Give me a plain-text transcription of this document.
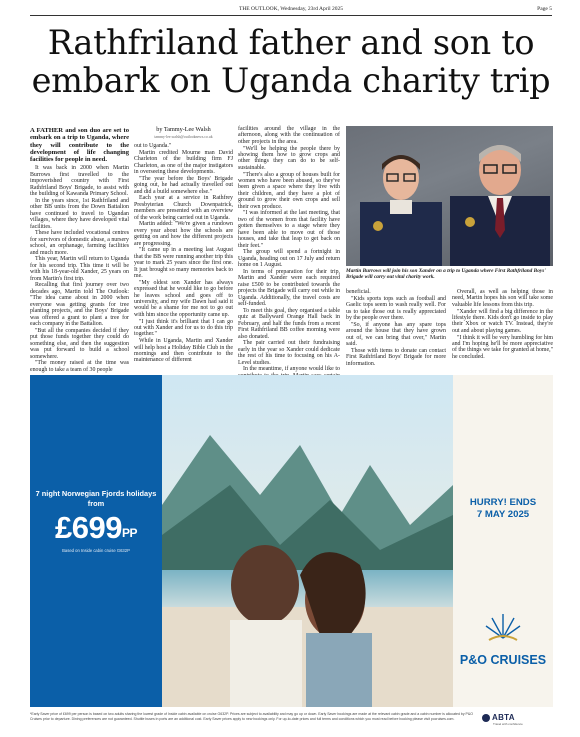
THE OUTLOOK, Wednesday, 23rd April 2025	Page 5
Rathfriland father and son to embark on Uganda charity trip

A FATHER and son duo are set to embark on a trip to Uganda, where they will contribute to the development of life changing facilities for people in need.

It was back in 2000 when Martin Burrows first travelled to the impoverished country with First Rathfriland Boys' Brigade, to assist with the building of Kawanda Primary School.

In the years since, 1st Rathfriland and other BB units from the Down Battalion have continued to travel to Ugandan villages, where they have developed vital facilities.

These have included vocational centres for survivors of domestic abuse, a nursery school, an orphanage, farming facilities and much more.

This year, Martin will return to Uganda for his second trip. This time it will be with his 18-year-old Xander, 25 years on from Martin's first trip.

Recalling that first journey over two decades ago, Martin told The Outlook: "The idea came about in 2000 when everyone was getting grants for tree planting projects, and the Boys' Brigade was offered a grant to plant a tree for each company in the Battalion.

"But all the companies decided if they put those funds together they could do something else, and then the suggestion was put forward to build a school somewhere.

"The money raised at the time was enough to take a team of 30 people

by Tammy-Lee Walsh
tammy-lee.walsh@outlooknews.co.uk

out to Uganda."

Martin credited Mourne man David Charleton of the building firm FJ Charleton, as one of the major instigators in overseeing these developments.

"The year before the Boys' Brigade going out, he had actually travelled out and did a build somewhere else."

Each year at a service in Rathfrey Presbyterian Church Downpatrick, members are presented with an overview of the work being carried out in Uganda.

Martin added: "We're given a rundown every year about how the schools are getting on and how the different projects are progressing.

"It came up in a meeting last August that the BB were running another trip this year to mark 25 years since the first one. It just brought so many memories back to me.

"My oldest son Xander has always expressed that he would like to go before he leaves school and goes off to university, and my wife Dawn had said it would be a shame for me not to go out with him since the opportunity came up.

"I just think it's brilliant that I can go out with Xander and for us to do this trip together."

While in Uganda, Martin and Xander will help host a Holiday Bible Club in the mornings and then contribute to the maintenance of different

facilities around the village in the afternoon, along with the continuation of other projects in the area.

"We'll be helping the people there by showing them how to grow crops and other things they can do to be self-sustainable.

"There's also a group of houses built for women who have been abused, so they've been given a space where they live with their children, and they have a plot of ground to grow their own crops and sell their own produce.

"I was informed at the last meeting, that two of the women from that facility have gotten themselves to a stage where they have been able to move out of those houses, and take that leap to get back on their feet."

The group will spend a fortnight in Uganda, heading out on 17 July and return home on 1 August.

In terms of preparation for their trip, Martin and Xander were each required raise £500 to be contributed towards the projects the Brigade will carry out while in Uganda. Additionally, the travel costs are self-funded.

To meet this goal, they organised a table quiz at Ballyward Orange Hall back in February, and half the funds from a recent First Rathfriland BB coffee morning were also donated.

The pair carried out their fundraising early in the year so Xander could dedicate the rest of his time to focusing on his A-Level studies.

In the meantime, if anyone would like to

Martin Burrows will join his son Xander on a trip to Uganda where First Rathfriland Boys' Brigade will carry out vital charity work.

beneficial.

"Kids sports tops such as football and Gaelic tops seem to wash really well. For us to take those out is really appreciated by the people over there.

"So, if anyone has any spare tops around the house that they have grown out of, we can bring that over," Martin said.

Those with items to donate can contact First Rathfriland Boys' Brigade for more information.

Overall, as well as helping those in need, Martin hopes his son will take some valuable life lessons from this trip.

"Xander will find a big difference in the lifestyle there. Kids don't go inside to play their Xbox or watch TV. Instead, they're out and about playing games.

"I think it will be very humbling for him and I'm hoping he'll be more appreciative of the things we take for granted at home," he concluded.

7 night Norwegian Fjords holidays from
$£699^{PP}$
Based on Inside cabin cruise G632P
HURRY! ENDS
7 MAY 2025
P&O CRUISES
*Early Saver price of £699 per person is based on two adults sharing the lowest grade of Inside cabin available on cruise G632P. Prices are subject to availability and may go up or down. Early Saver bookings are made at the relevant cabin grade and a cabin number is allocated by P&O Cruises prior to departure. Dining preferences are not guaranteed. Shuttle buses in ports are an additional cost. Early Saver prices apply to new bookings only. For up-to-date prices and full terms and conditions which you must read before booking please visit pocruises.com.	ABTA
Travel with confidence
